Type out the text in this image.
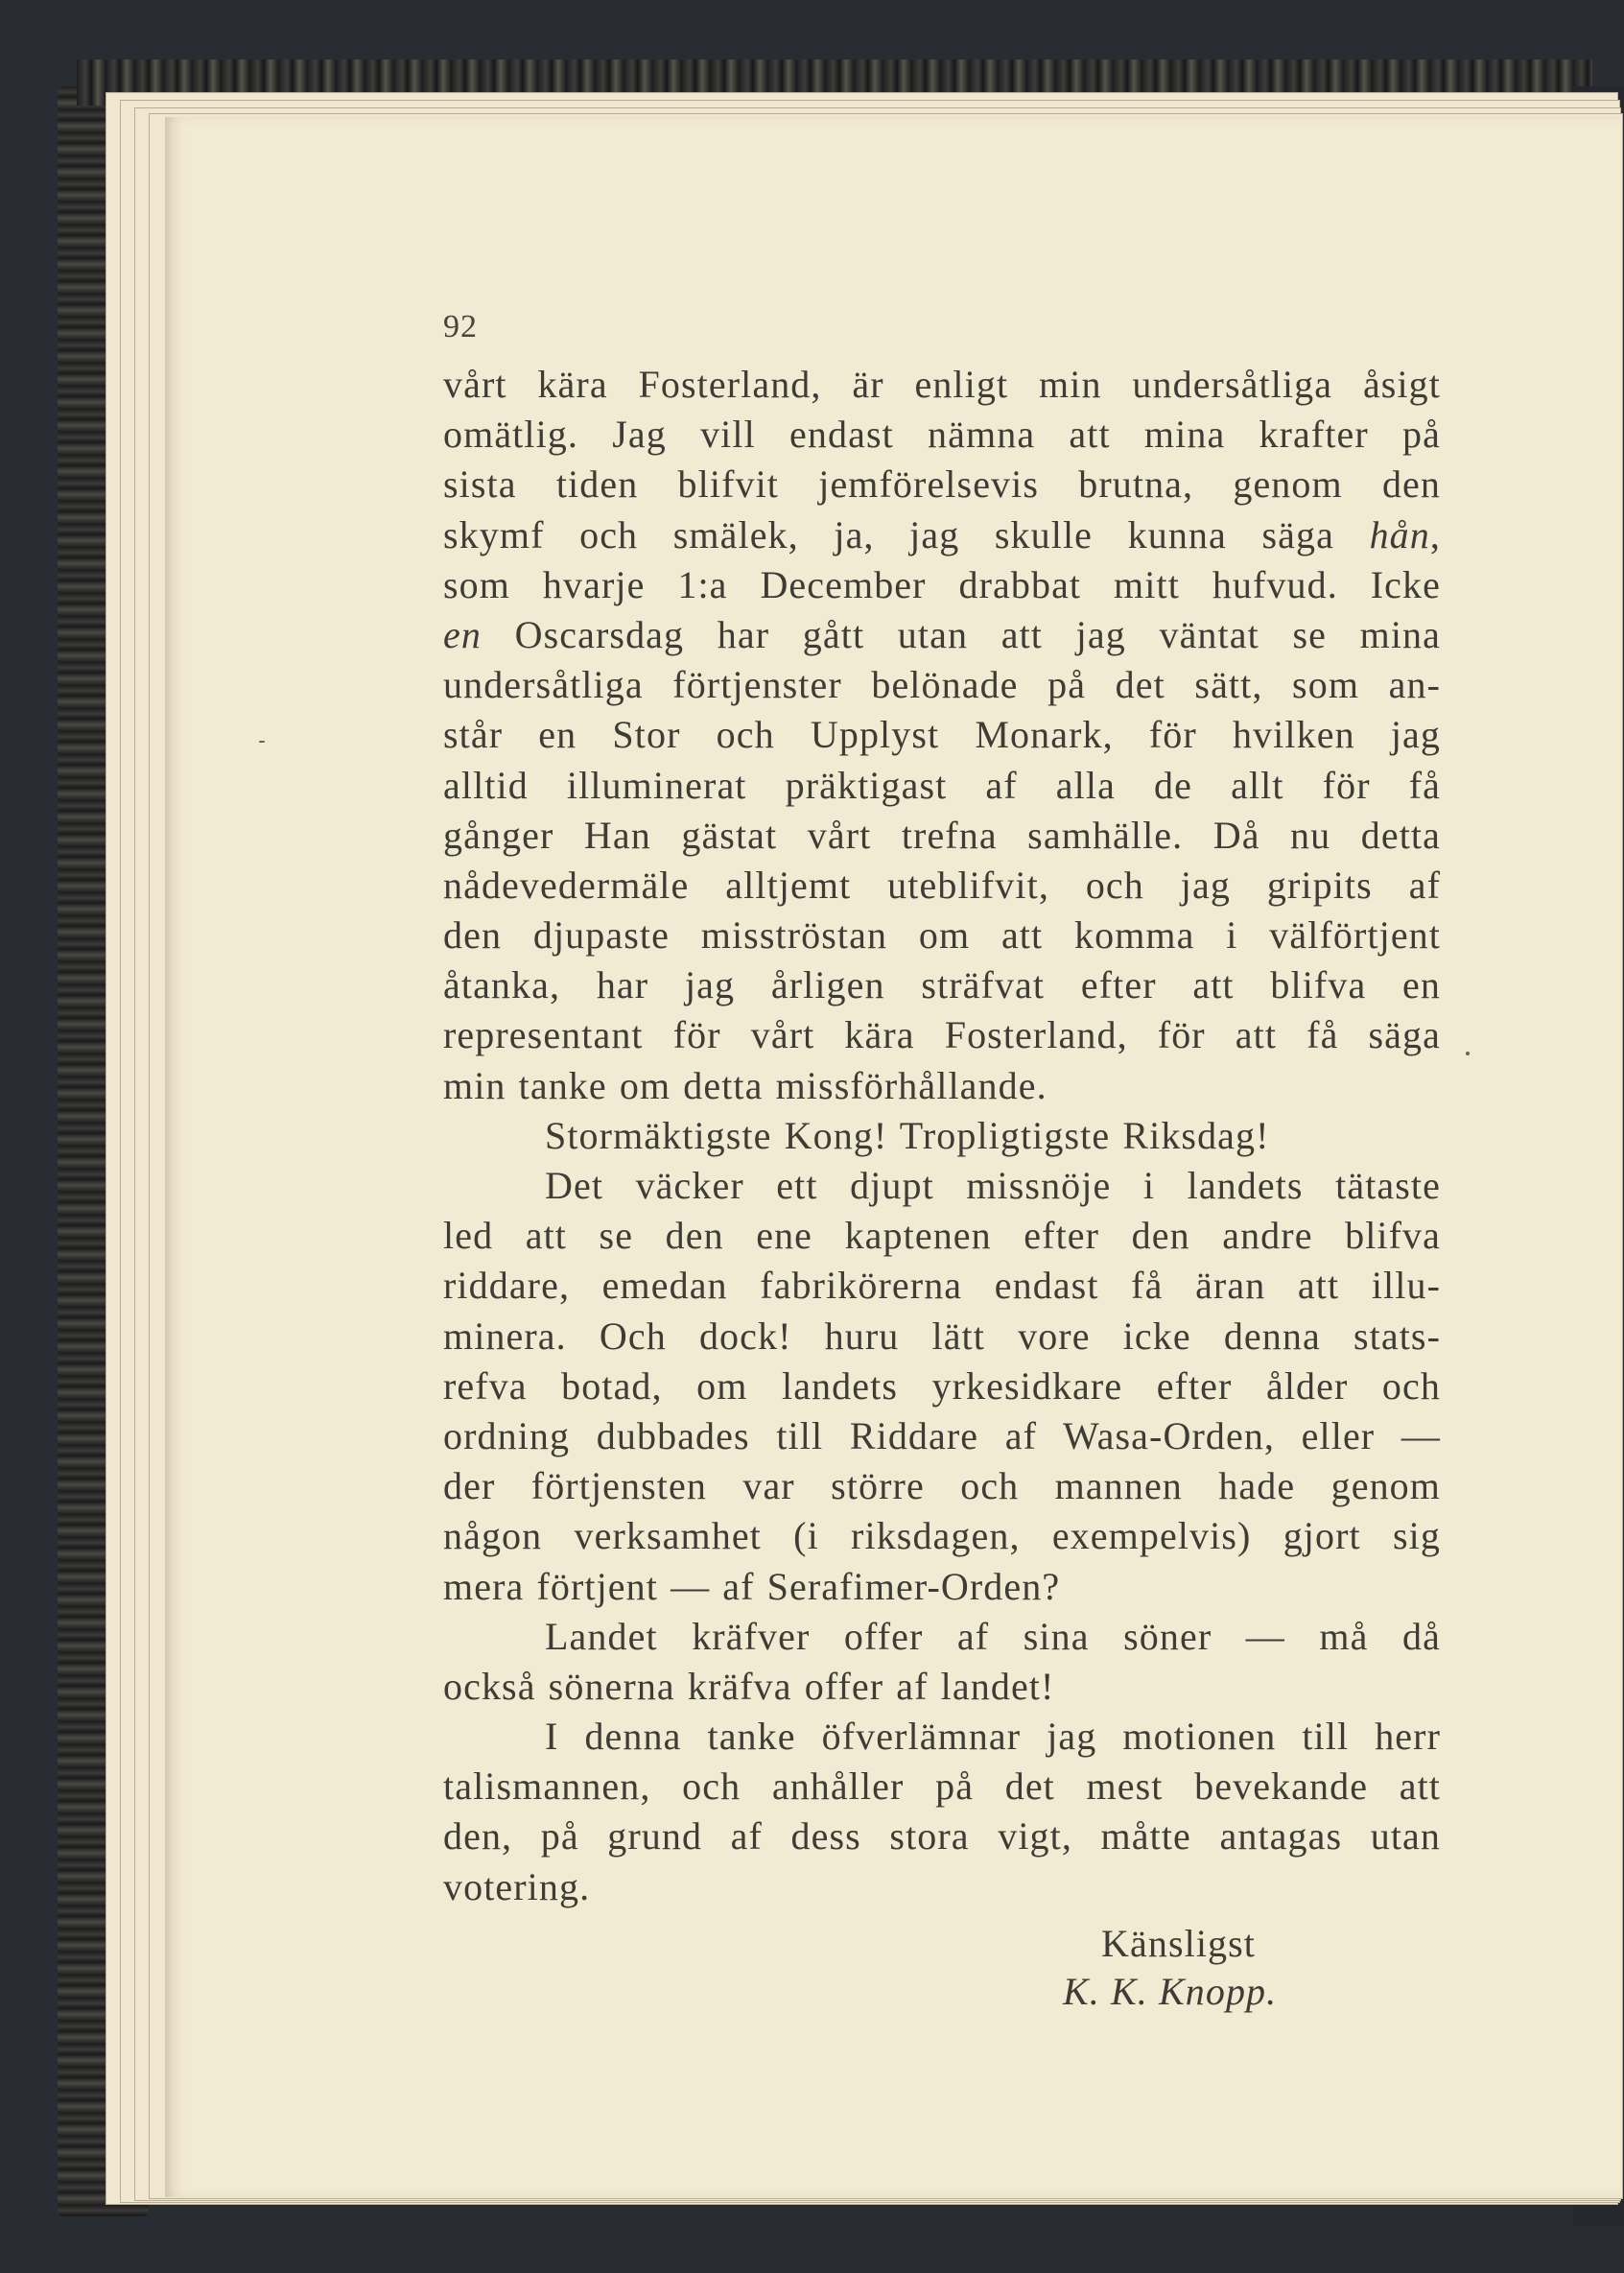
92
vårt kära Fosterland, är enligt min undersåtliga åsigt
omätlig. Jag vill endast nämna att mina krafter på
sista tiden blifvit jemförelsevis brutna, genom den
skymf och smälek, ja, jag skulle kunna säga hån,
som hvarje 1:a December drabbat mitt hufvud. Icke
en Oscarsdag har gått utan att jag väntat se mina
undersåtliga förtjenster belönade på det sätt, som an-
står en Stor och Upplyst Monark, för hvilken jag
alltid illuminerat präktigast af alla de allt för få
gånger Han gästat vårt trefna samhälle. Då nu detta
nådevedermäle alltjemt uteblifvit, och jag gripits af
den djupaste misströstan om att komma i välförtjent
åtanka, har jag årligen sträfvat efter att blifva en
representant för vårt kära Fosterland, för att få säga
min tanke om detta missförhållande.
Stormäktigste Kong! Tropligtigste Riksdag!
Det väcker ett djupt missnöje i landets tätaste
led att se den ene kaptenen efter den andre blifva
riddare, emedan fabrikörerna endast få äran att illu-
minera. Och dock! huru lätt vore icke denna stats-
refva botad, om landets yrkesidkare efter ålder och
ordning dubbades till Riddare af Wasa-Orden, eller —
der förtjensten var större och mannen hade genom
någon verksamhet (i riksdagen, exempelvis) gjort sig
mera förtjent — af Serafimer-Orden?
Landet kräfver offer af sina söner — må då
också sönerna kräfva offer af landet!
I denna tanke öfverlämnar jag motionen till herr
talismannen, och anhåller på det mest bevekande att
den, på grund af dess stora vigt, måtte antagas utan
votering.
Känsligst
K. K. Knopp.
